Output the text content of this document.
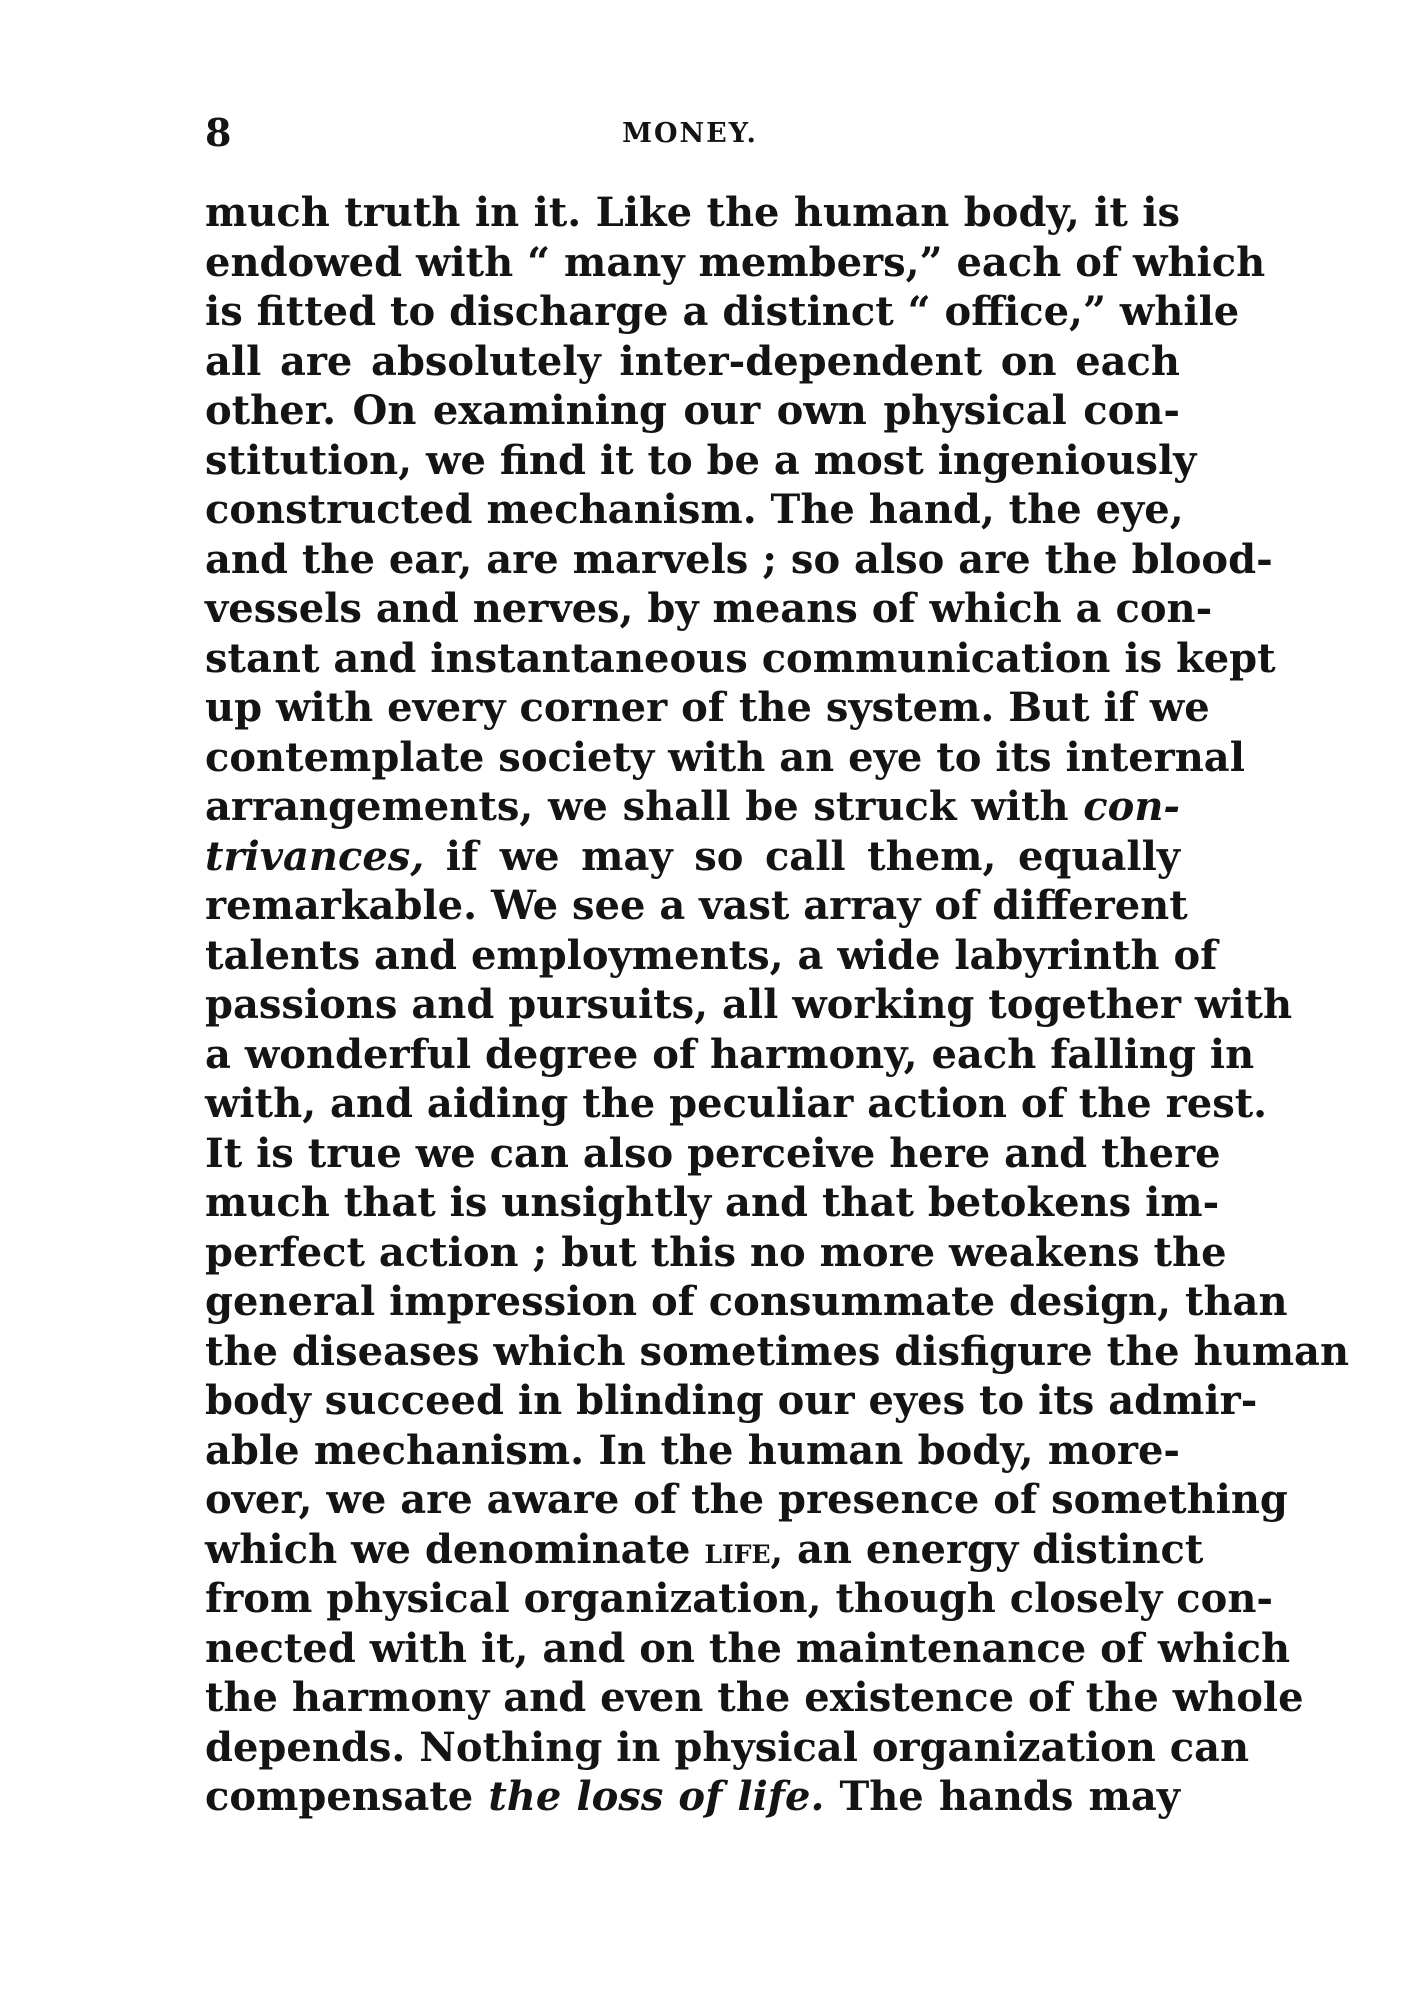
8	MONEY.
much truth in it. Like the human body, it is
endowed with “ many members,” each of which
is fitted to discharge a distinct “ office,” while
all are absolutely inter-dependent on each
other. On examining our own physical con-
stitution, we find it to be a most ingeniously
constructed mechanism. The hand, the eye,
and the ear, are marvels ; so also are the blood-
vessels and nerves, by means of which a con-
stant and instantaneous communication is kept
up with every corner of the system. But if we
contemplate society with an eye to its internal
arrangements, we shall be struck with con-
trivances, if we may so call them, equally
remarkable. We see a vast array of different
talents and employments, a wide labyrinth of
passions and pursuits, all working together with
a wonderful degree of harmony, each falling in
with, and aiding the peculiar action of the rest.
It is true we can also perceive here and there
much that is unsightly and that betokens im-
perfect action ; but this no more weakens the
general impression of consummate design, than
the diseases which sometimes disfigure the human
body succeed in blinding our eyes to its admir-
able mechanism. In the human body, more-
over, we are aware of the presence of something
which we denominate life, an energy distinct
from physical organization, though closely con-
nected with it, and on the maintenance of which
the harmony and even the existence of the whole
depends. Nothing in physical organization can
compensate the loss of life. The hands may
